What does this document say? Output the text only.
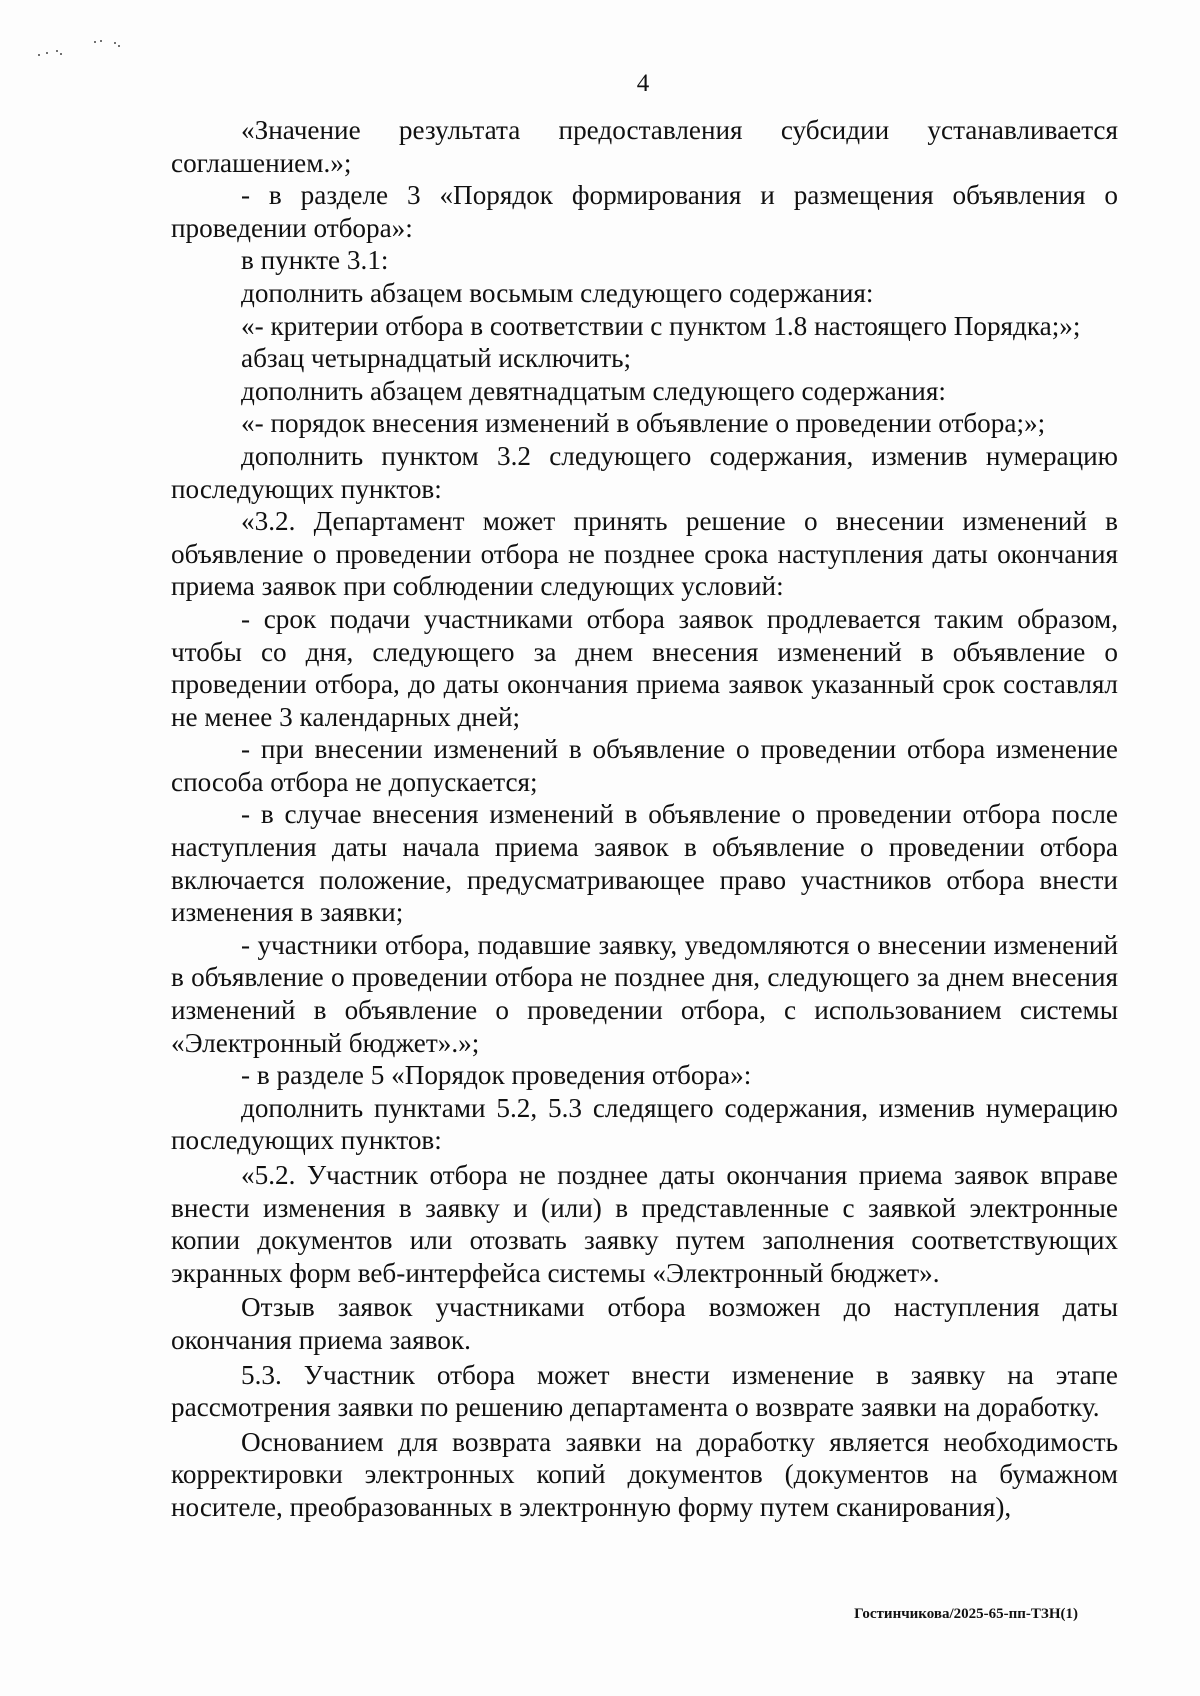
4

«Значение результата предоставления субсидии устанавливается соглашением.»;

- в разделе 3 «Порядок формирования и размещения объявления о проведении отбора»:

в пункте 3.1:

дополнить абзацем восьмым следующего содержания:

«- критерии отбора в соответствии с пунктом 1.8 настоящего Порядка;»;

абзац четырнадцатый исключить;

дополнить абзацем девятнадцатым следующего содержания:

«- порядок внесения изменений в объявление о проведении отбора;»;

дополнить пунктом 3.2 следующего содержания, изменив нумерацию последующих пунктов:

«3.2. Департамент может принять решение о внесении изменений в объявление о проведении отбора не позднее срока наступления даты окончания приема заявок при соблюдении следующих условий:

- срок подачи участниками отбора заявок продлевается таким образом, чтобы со дня, следующего за днем внесения изменений в объявление о проведении отбора, до даты окончания приема заявок указанный срок составлял не менее 3 календарных дней;

- при внесении изменений в объявление о проведении отбора изменение способа отбора не допускается;

- в случае внесения изменений в объявление о проведении отбора после наступления даты начала приема заявок в объявление о проведении отбора включается положение, предусматривающее право участников отбора внести изменения в заявки;

- участники отбора, подавшие заявку, уведомляются о внесении изменений в объявление о проведении отбора не позднее дня, следующего за днем внесения изменений в объявление о проведении отбора, с использованием системы «Электронный бюджет».»;

- в разделе 5 «Порядок проведения отбора»:

дополнить пунктами 5.2, 5.3 следящего содержания, изменив нумерацию последующих пунктов:

«5.2. Участник отбора не позднее даты окончания приема заявок вправе внести изменения в заявку и (или) в представленные с заявкой электронные копии документов или отозвать заявку путем заполнения соответствующих экранных форм веб-интерфейса системы «Электронный бюджет».

Отзыв заявок участниками отбора возможен до наступления даты окончания приема заявок.

5.3. Участник отбора может внести изменение в заявку на этапе рассмотрения заявки по решению департамента о возврате заявки на доработку.

Основанием для возврата заявки на доработку является необходимость корректировки электронных копий документов (документов на бумажном носителе, преобразованных в электронную форму путем сканирования),

Гостинчикова/2025-65-пп-ТЗН(1)
